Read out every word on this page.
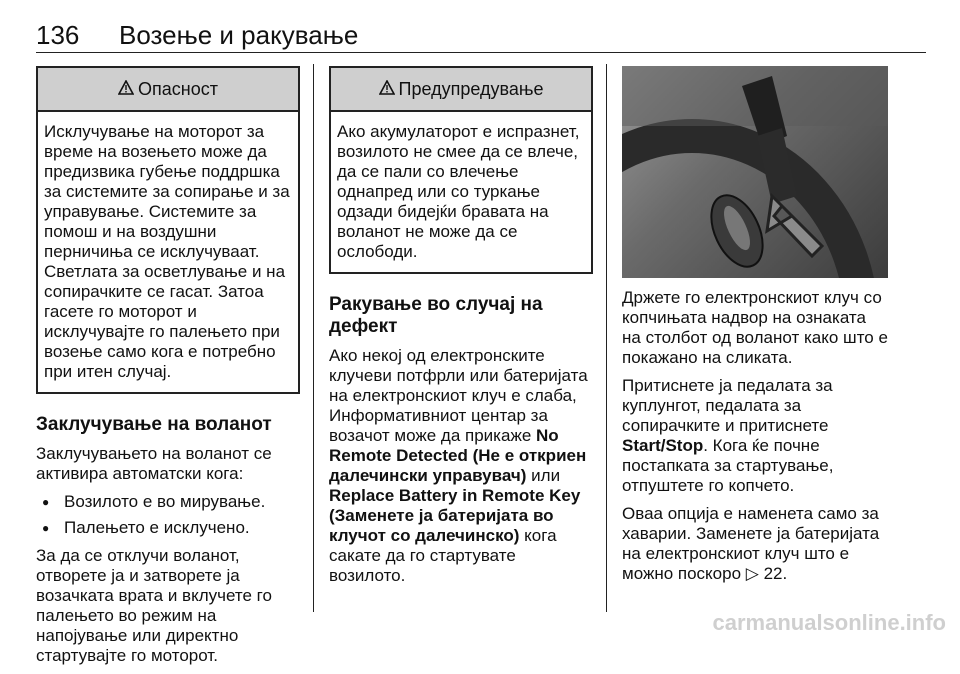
136 Возење и ракување
Опасност

Исклучувањe на моторот за време на возењето може да предизвика губење поддршка за системите за сопирање и за управување. Системите за помош и на воздушни перничиња се исклучуваат. Светлата за осветлување и на сопирачките се гасат. Затоа гасете го моторот и исклучувајте го палењето при возење само кога е потребно при итен случај.

Заклучување на воланот

Заклучувањето на воланот се активира автоматски кога:

● Возилото е во мирување.
● Палењето е исклучено.

За да се отклучи воланот, отворете ја и затворете ја возачката врата и вклучете го палењето во режим на напојување или директно стартувајте го моторот.

Предупредување

Ако акумулаторот е испразнет, возилото не смее да се влече, да се пали со влечење однапред или со туркање одзади бидејќи бравата на воланот не може да се ослободи.

Ракување во случај на дефект

Ако некој од електронските клучеви потфрли или батеријата на електронскиот клуч е слаба, Информативниот центар за возачот може да прикаже No Remote Detected (Не е откриен далечински управувач) или Replace Battery in Remote Key (Заменете ја батеријата во клучот со далечинско) кога сакате да го стартувате возилото.

Држете го електронскиот клуч со копчињата надвор на ознаката на столбот од воланот како што е покажано на сликата.

Притиснете ја педалата за куплунгот, педалата за сопирачките и притиснете Start/Stop. Кога ќе почне постапката за стартување, отпуштете го копчето.

Оваа опција е наменета само за хаварии. Заменете ја батеријата на електронскиот клуч што е можно поскоро ▷ 22.

carmanualsonline.info
